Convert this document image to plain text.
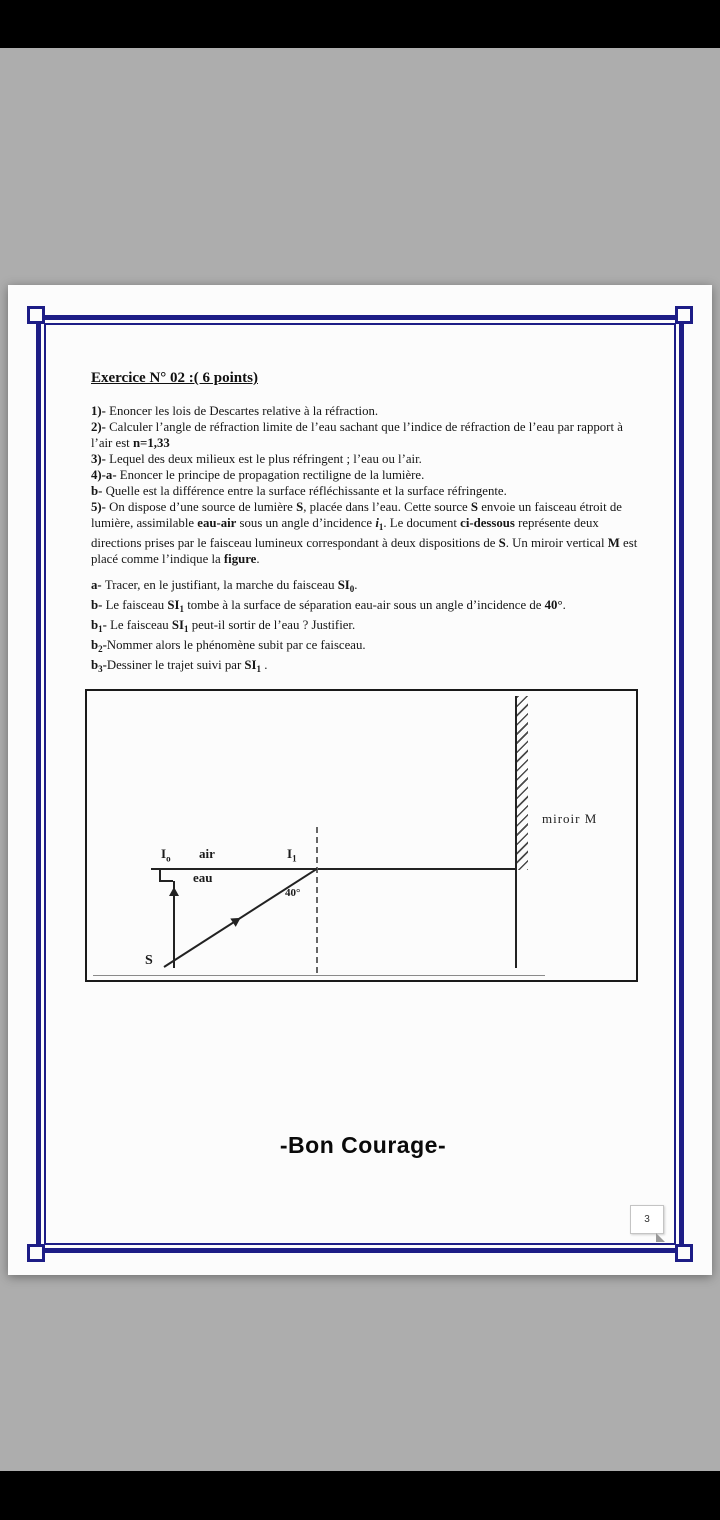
Exercice N° 02 :( 6 points)
1)- Enoncer les lois de Descartes relative à la réfraction.
2)- Calculer l’angle de réfraction limite de l’eau sachant que l’indice de réfraction de l’eau par rapport à l’air est n=1,33
3)- Lequel des deux milieux est le plus réfringent ; l’eau ou l’air.
4)-a- Enoncer le principe de propagation rectiligne de la lumière.
b- Quelle est la différence entre la surface réfléchissante et la surface réfringente.
5)- On dispose d’une source de lumière S, placée dans l’eau. Cette source S envoie un faisceau étroit de lumière, assimilable eau-air sous un angle d’incidence $i_1$. Le document ci-dessous représente deux directions prises par le faisceau lumineux correspondant à deux dispositions de S. Un miroir vertical M est placé comme l’indique la figure.
a- Tracer, en le justifiant, la marche du faisceau $SI_0$.
b- Le faisceau $SI_1$ tombe à la surface de séparation eau-air sous un angle d’incidence de 40°.
$b_1-$ Le faisceau $SI_1$ peut-il sortir de l’eau ? Justifier.
$b_2$-Nommer alors le phénomène subit par ce faisceau.
$b_3$-Dessiner le trajet suivi par $SI_1$ .
miroir M
$I_o$ air
eau
$I_1$
40°
S
-Bon Courage-
3
